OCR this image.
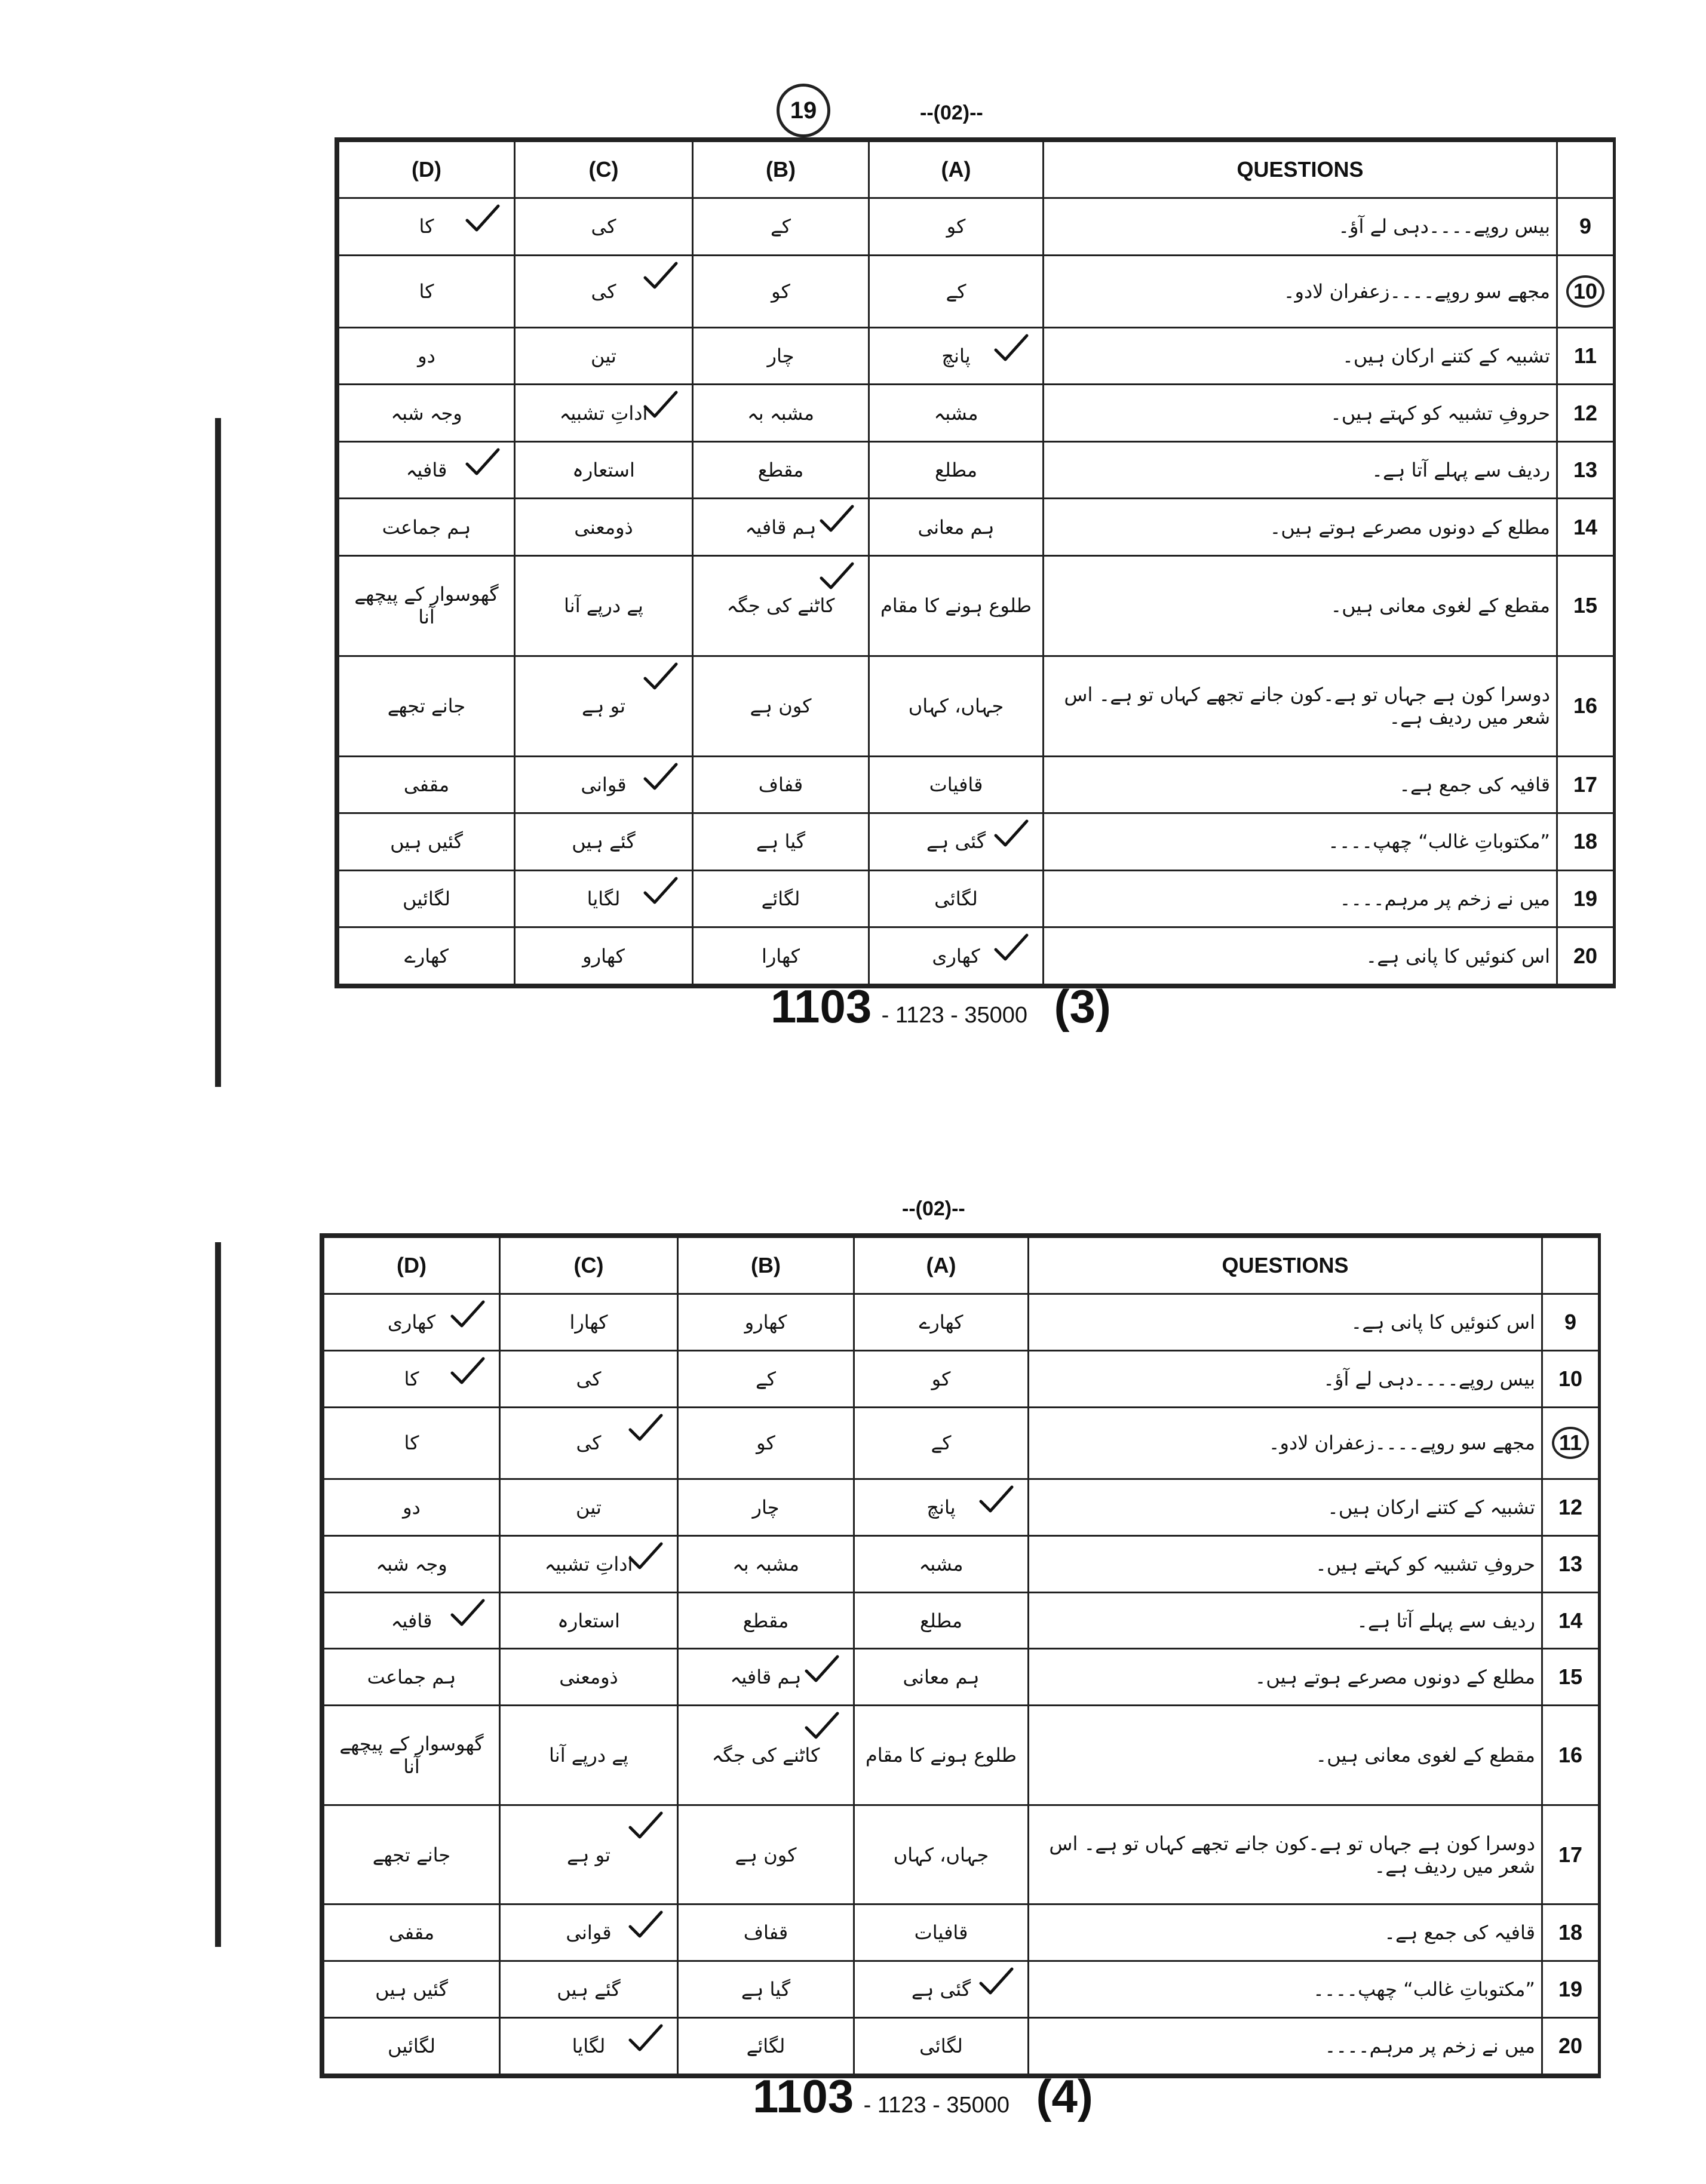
19	--(02)--
(D)	(C)	(B)	(A)	QUESTIONS	
کا	کی	کے	کو	بیس روپے۔۔۔۔دہی لے آؤ۔	9
کا	کی	کو	کے	مجھے سو روپے۔۔۔۔زعفران لادو۔	10
دو	تین	چار	پانچ	تشبیہ کے کتنے ارکان ہیں۔	11
وجہ شبہ	اداتِ تشبیہ	مشبہ بہ	مشبہ	حروفِ تشبیہ کو کہتے ہیں۔	12
قافیہ	استعارہ	مقطع	مطلع	ردیف سے پہلے آتا ہے۔	13
ہم جماعت	ذومعنی	ہم قافیہ	ہم معانی	مطلع کے دونوں مصرعے ہوتے ہیں۔	14
گھوسوار کے پیچھے آنا	پے درپے آنا	کاٹنے کی جگہ	طلوع ہونے کا مقام	مقطع کے لغوی معانی ہیں۔	15
جانے تجھے	تو ہے	کون ہے	جہاں، کہاں	دوسرا کون ہے جہاں تو ہے۔کون جانے تجھے کہاں تو ہے۔ اس شعر میں ردیف ہے۔	16
مقفی	قوانی	قفاف	قافیات	قافیہ کی جمع ہے۔	17
گئیں ہیں	گئے ہیں	گیا ہے	گئی ہے	”مکتوباتِ غالب“ چھپ۔۔۔۔	18
لگائیں	لگایا	لگائے	لگائی	میں نے زخم پر مرہم۔۔۔۔	19
کھارے	کھارو	کھارا	کھاری	اس کنوئیں کا پانی ہے۔	20
1103 - 1123 - 35000 (3)
--(02)--
(D)	(C)	(B)	(A)	QUESTIONS	
کھاری	کھارا	کھارو	کھارے	اس کنوئیں کا پانی ہے۔	9
کا	کی	کے	کو	بیس روپے۔۔۔۔دہی لے آؤ۔	10
کا	کی	کو	کے	مجھے سو روپے۔۔۔۔زعفران لادو۔	11
دو	تین	چار	پانچ	تشبیہ کے کتنے ارکان ہیں۔	12
وجہ شبہ	اداتِ تشبیہ	مشبہ بہ	مشبہ	حروفِ تشبیہ کو کہتے ہیں۔	13
قافیہ	استعارہ	مقطع	مطلع	ردیف سے پہلے آتا ہے۔	14
ہم جماعت	ذومعنی	ہم قافیہ	ہم معانی	مطلع کے دونوں مصرعے ہوتے ہیں۔	15
گھوسوار کے پیچھے آنا	پے درپے آنا	کاٹنے کی جگہ	طلوع ہونے کا مقام	مقطع کے لغوی معانی ہیں۔	16
جانے تجھے	تو ہے	کون ہے	جہاں، کہاں	دوسرا کون ہے جہاں تو ہے۔کون جانے تجھے کہاں تو ہے۔ اس شعر میں ردیف ہے۔	17
مقفی	قوانی	قفاف	قافیات	قافیہ کی جمع ہے۔	18
گئیں ہیں	گئے ہیں	گیا ہے	گئی ہے	”مکتوباتِ غالب“ چھپ۔۔۔۔	19
لگائیں	لگایا	لگائے	لگائی	میں نے زخم پر مرہم۔۔۔۔	20
1103 - 1123 - 35000 (4)
